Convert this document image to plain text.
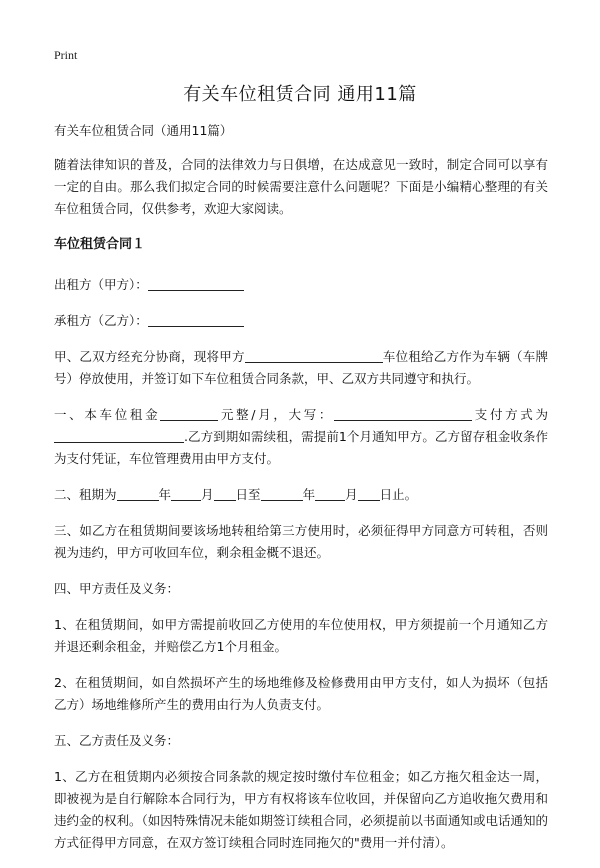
Print
有关车位租赁合同 通用11篇

有关车位租赁合同（通用11篇）

随着法律知识的普及，合同的法律效力与日俱增，在达成意见一致时，制定合同可以享有一定的自由。那么我们拟定合同的时候需要注意什么问题呢？下面是小编精心整理的有关车位租赁合同，仅供参考，欢迎大家阅读。

车位租赁合同１

出租方（甲方）：

承租方（乙方）：

甲、乙双方经充分协商，现将甲方	车位租给乙方作为车辆（车牌号）停放使用，并签订如下车位租赁合同条款，甲、乙双方共同遵守和执行。

一、本车位租金	元整/月，大写：	支付方式为.乙方到期如需续租，需提前1个月通知甲方。乙方留存租金收条作为支付凭证，车位管理费用由甲方支付。

二、租期为	年 月 日至	年 月 日止。

三、如乙方在租赁期间要该场地转租给第三方使用时，必须征得甲方同意方可转租，否则视为违约，甲方可收回车位，剩余租金概不退还。

四、甲方责任及义务：

1、在租赁期间，如甲方需提前收回乙方使用的车位使用权，甲方须提前一个月通知乙方并退还剩余租金，并赔偿乙方1个月租金。

2、在租赁期间，如自然损坏产生的场地维修及检修费用由甲方支付，如人为损坏（包括乙方）场地维修所产生的费用由行为人负责支付。

五、乙方责任及义务：

1、乙方在租赁期内必须按合同条款的规定按时缴付车位租金；如乙方拖欠租金达一周，即被视为是自行解除本合同行为，甲方有权将该车位收回，并保留向乙方追收拖欠费用和违约金的权利。（如因特殊情况未能如期签订续租合同，必须提前以书面通知或电话通知的方式征得甲方同意，在双方签订续租合同时连同拖欠的"费用一并付清）。
